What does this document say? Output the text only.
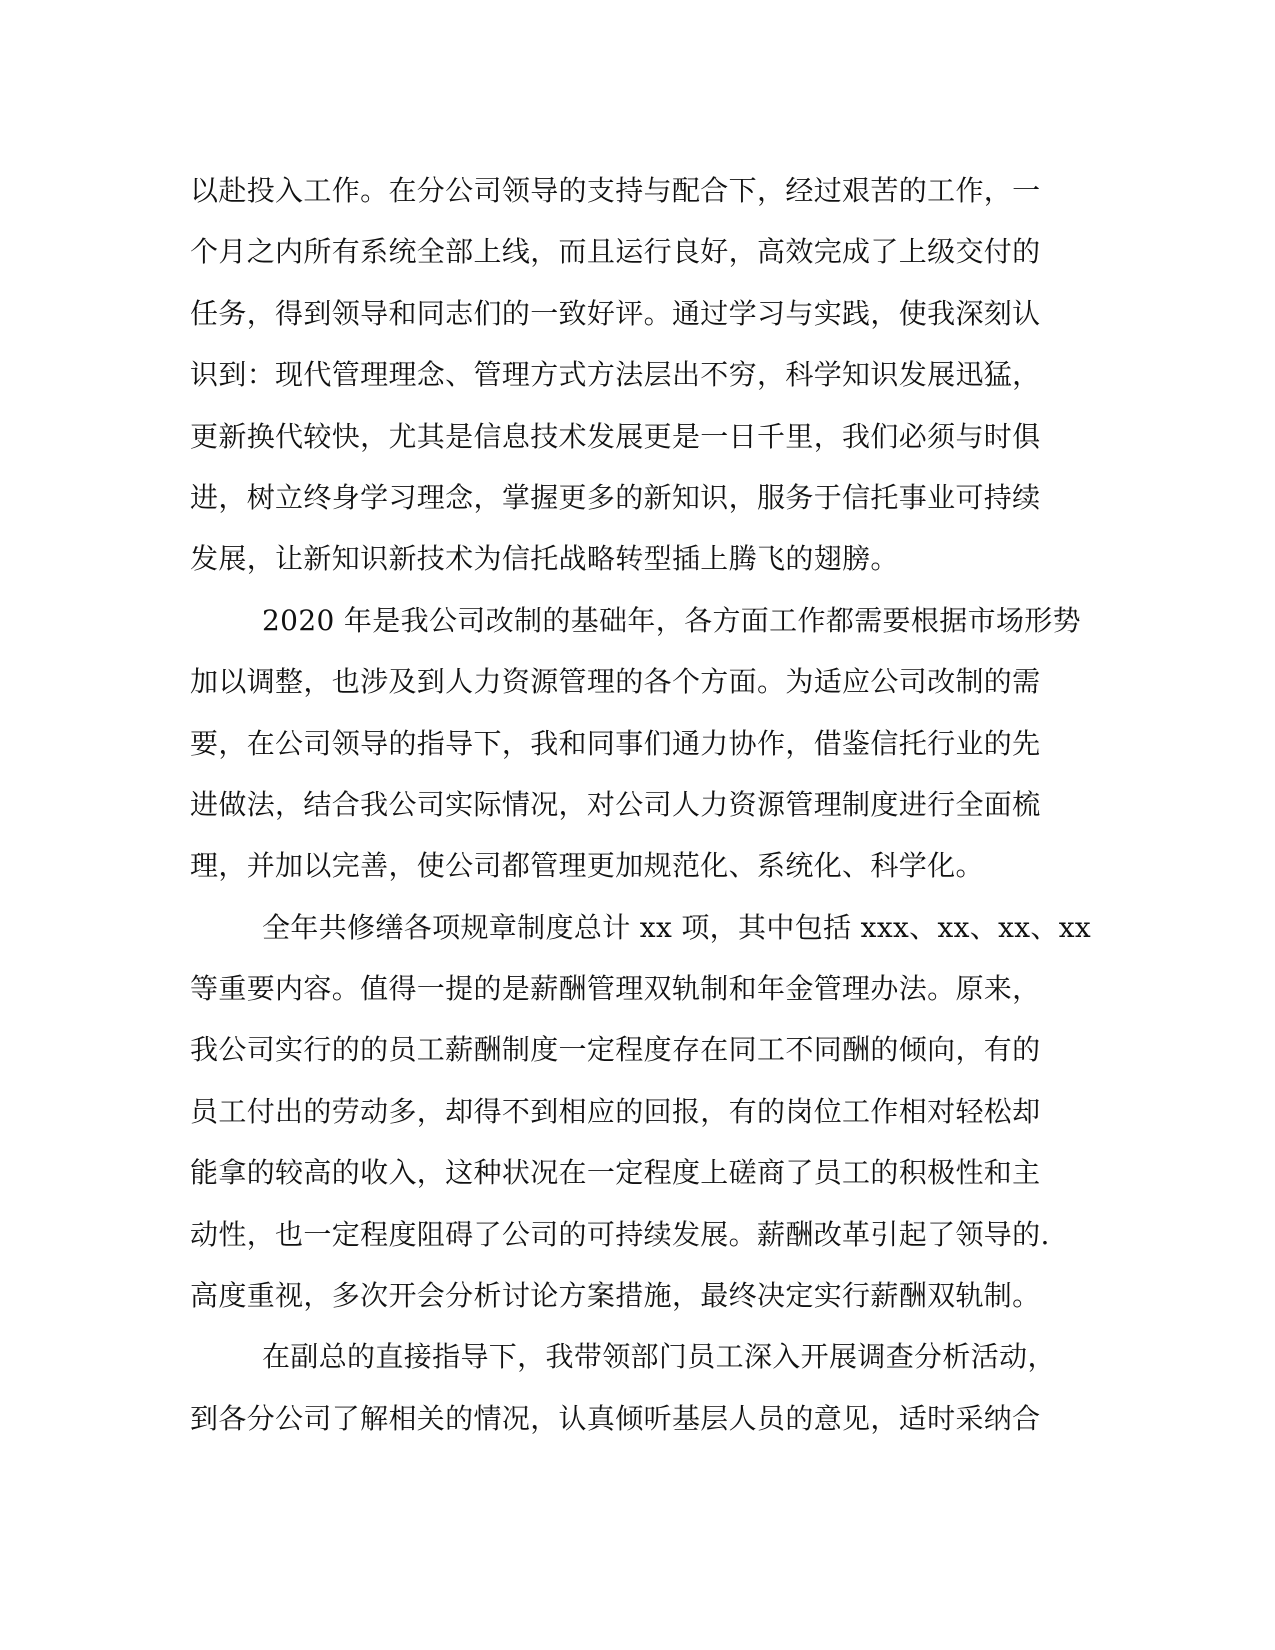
以赴投入工作。在分公司领导的支持与配合下，经过艰苦的工作，一
个月之内所有系统全部上线，而且运行良好，高效完成了上级交付的
任务，得到领导和同志们的一致好评。通过学习与实践，使我深刻认
识到：现代管理理念、管理方式方法层出不穷，科学知识发展迅猛，
更新换代较快，尤其是信息技术发展更是一日千里，我们必须与时俱
进，树立终身学习理念，掌握更多的新知识，服务于信托事业可持续
发展，让新知识新技术为信托战略转型插上腾飞的翅膀。
2020 年是我公司改制的基础年，各方面工作都需要根据市场形势
加以调整，也涉及到人力资源管理的各个方面。为适应公司改制的需
要，在公司领导的指导下，我和同事们通力协作，借鉴信托行业的先
进做法，结合我公司实际情况，对公司人力资源管理制度进行全面梳
理，并加以完善，使公司都管理更加规范化、系统化、科学化。
全年共修缮各项规章制度总计 xx 项，其中包括 xxx、xx、xx、xx
等重要内容。值得一提的是薪酬管理双轨制和年金管理办法。原来，
我公司实行的的员工薪酬制度一定程度存在同工不同酬的倾向，有的
员工付出的劳动多，却得不到相应的回报，有的岗位工作相对轻松却
能拿的较高的收入，这种状况在一定程度上磋商了员工的积极性和主
动性，也一定程度阻碍了公司的可持续发展。薪酬改革引起了领导的.
高度重视，多次开会分析讨论方案措施，最终决定实行薪酬双轨制。
在副总的直接指导下，我带领部门员工深入开展调查分析活动，
到各分公司了解相关的情况，认真倾听基层人员的意见，适时采纳合
